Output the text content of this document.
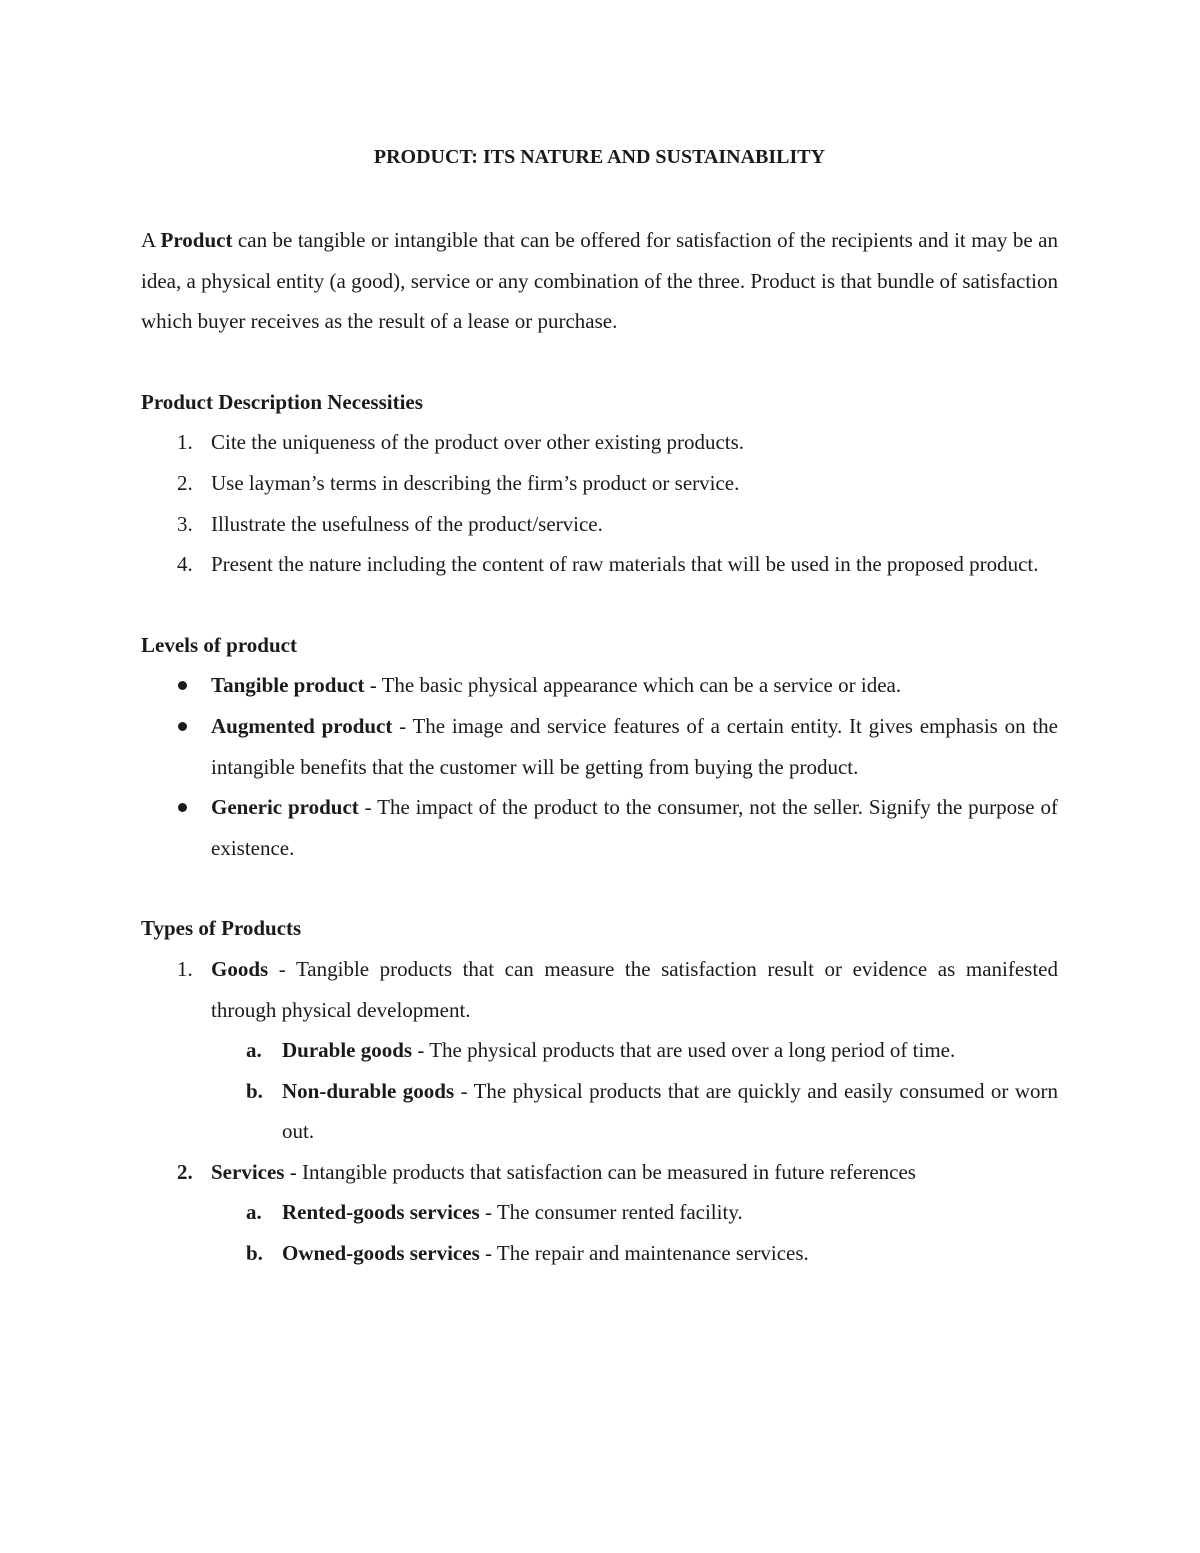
PRODUCT: ITS NATURE AND SUSTAINABILITY

A Product can be tangible or intangible that can be offered for satisfaction of the recipients and it may be an idea, a physical entity (a good), service or any combination of the three. Product is that bundle of satisfaction which buyer receives as the result of a lease or purchase.

Product Description Necessities

1. Cite the uniqueness of the product over other existing products.

2. Use layman’s terms in describing the firm’s product or service.

3. Illustrate the usefulness of the product/service.

4. Present the nature including the content of raw materials that will be used in the proposed product.

Levels of product

Tangible product - The basic physical appearance which can be a service or idea.

Augmented product - The image and service features of a certain entity. It gives emphasis on the intangible benefits that the customer will be getting from buying the product.

Generic product - The impact of the product to the consumer, not the seller. Signify the purpose of existence.

Types of Products

1. Goods - Tangible products that can measure the satisfaction result or evidence as manifested through physical development.

a. Durable goods - The physical products that are used over a long period of time.

b. Non-durable goods - The physical products that are quickly and easily consumed or worn out.

2. Services - Intangible products that satisfaction can be measured in future references

a. Rented-goods services - The consumer rented facility.

b. Owned-goods services - The repair and maintenance services.
